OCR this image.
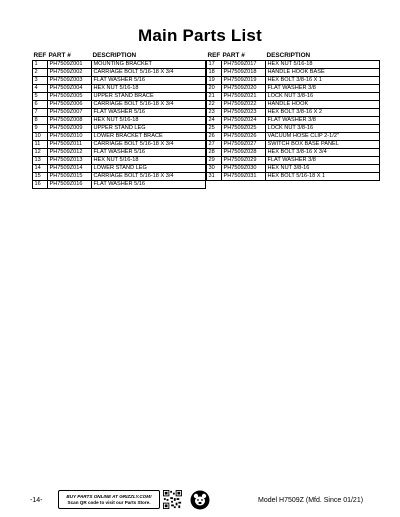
Main Parts List
REF	PART #	DESCRIPTION
1	PH7509Z001	MOUNTING BRACKET
2	PH7509Z002	CARRIAGE BOLT 5/16-18 X 3/4
3	PH7509Z003	FLAT WASHER 5/16
4	PH7509Z004	HEX NUT 5/16-18
5	PH7509Z005	UPPER STAND BRACE
6	PH7509Z006	CARRIAGE BOLT 5/16-18 X 3/4
7	PH7509Z007	FLAT WASHER 5/16
8	PH7509Z008	HEX NUT 5/16-18
9	PH7509Z009	UPPER STAND LEG
10	PH7509Z010	LOWER BRACKET BRACE
11	PH7509Z011	CARRIAGE BOLT 5/16-18 X 3/4
12	PH7509Z012	FLAT WASHER 5/16
13	PH7509Z013	HEX NUT 5/16-18
14	PH7509Z014	LOWER STAND LEG
15	PH7509Z015	CARRIAGE BOLT 5/16-18 X 3/4
16	PH7509Z016	FLAT WASHER 5/16
REF	PART #	DESCRIPTION
17	PH7509Z017	HEX NUT 5/16-18
18	PH7509Z018	HANDLE HOOK BASE
19	PH7509Z019	HEX BOLT 3/8-16 X 1
20	PH7509Z020	FLAT WASHER 3/8
21	PH7509Z021	LOCK NUT 3/8-16
22	PH7509Z022	HANDLE HOOK
23	PH7509Z023	HEX BOLT 3/8-16 X 2
24	PH7509Z024	FLAT WASHER 3/8
25	PH7509Z025	LOCK NUT 3/8-16
26	PH7509Z026	VACUUM HOSE CLIP 2-1/2"
27	PH7509Z027	SWITCH BOX BASE PANEL
28	PH7509Z028	HEX BOLT 3/8-16 X 3/4
29	PH7509Z029	FLAT WASHER 3/8
30	PH7509Z030	HEX NUT 3/8-16
31	PH7509Z031	HEX BOLT 5/16-18 X 1
-14-
BUY PARTS ONLINE AT GRIZZLY.COM!
Scan QR code to visit our Parts Store.	Model H7509Z (Mfd. Since 01/21)
